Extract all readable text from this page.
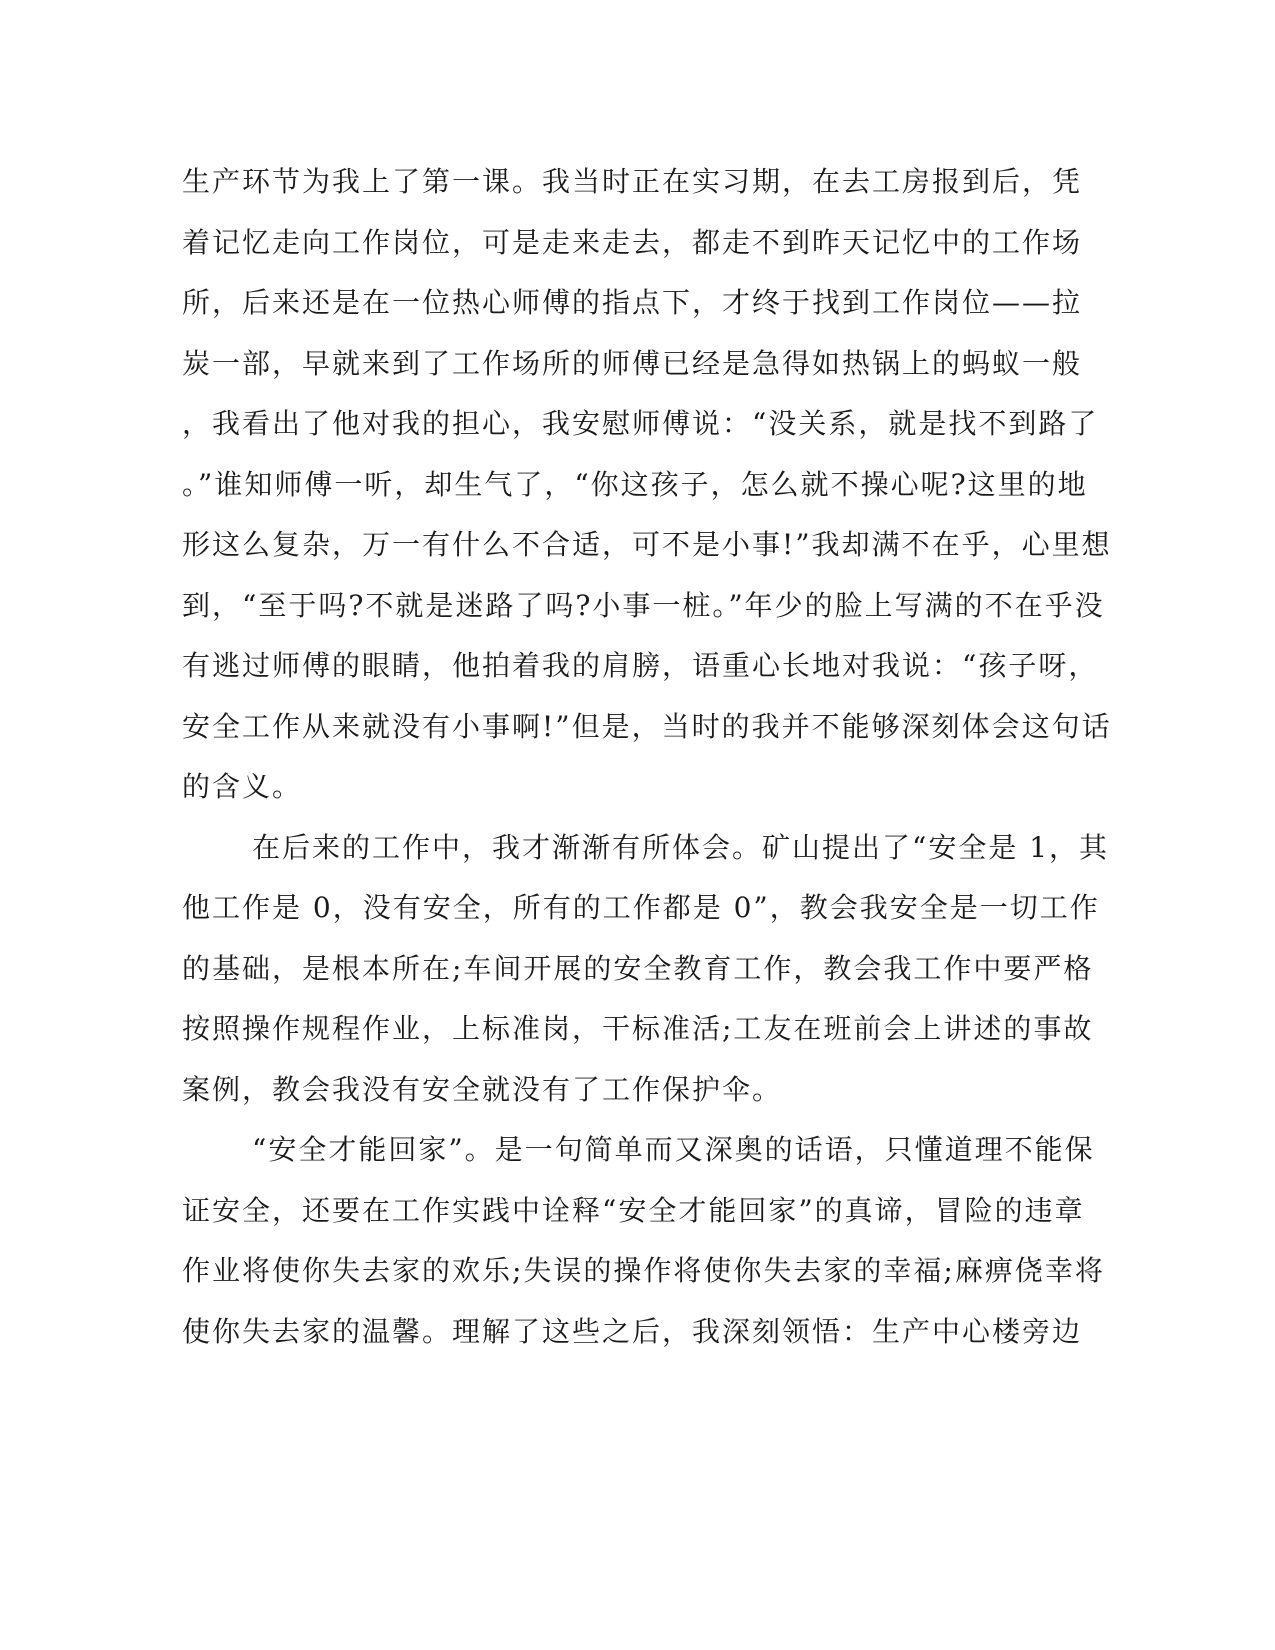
生产环节为我上了第一课。我当时正在实习期，在去工房报到后，凭
着记忆走向工作岗位，可是走来走去，都走不到昨天记忆中的工作场
所，后来还是在一位热心师傅的指点下，才终于找到工作岗位——拉
炭一部，早就来到了工作场所的师傅已经是急得如热锅上的蚂蚁一般
，我看出了他对我的担心，我安慰师傅说：“没关系，就是找不到路了
。”谁知师傅一听，却生气了，“你这孩子，怎么就不操心呢?这里的地
形这么复杂，万一有什么不合适，可不是小事!”我却满不在乎，心里想
到，“至于吗?不就是迷路了吗?小事一桩。”年少的脸上写满的不在乎没
有逃过师傅的眼睛，他拍着我的肩膀，语重心长地对我说：“孩子呀，
安全工作从来就没有小事啊!”但是，当时的我并不能够深刻体会这句话
的含义。
在后来的工作中，我才渐渐有所体会。矿山提出了“安全是 1，其
他工作是 0，没有安全，所有的工作都是 0”，教会我安全是一切工作
的基础，是根本所在;车间开展的安全教育工作，教会我工作中要严格
按照操作规程作业，上标准岗，干标准活;工友在班前会上讲述的事故
案例，教会我没有安全就没有了工作保护伞。
“安全才能回家”。是一句简单而又深奥的话语，只懂道理不能保
证安全，还要在工作实践中诠释“安全才能回家”的真谛，冒险的违章
作业将使你失去家的欢乐;失误的操作将使你失去家的幸福;麻痹侥幸将
使你失去家的温馨。理解了这些之后，我深刻领悟：生产中心楼旁边
